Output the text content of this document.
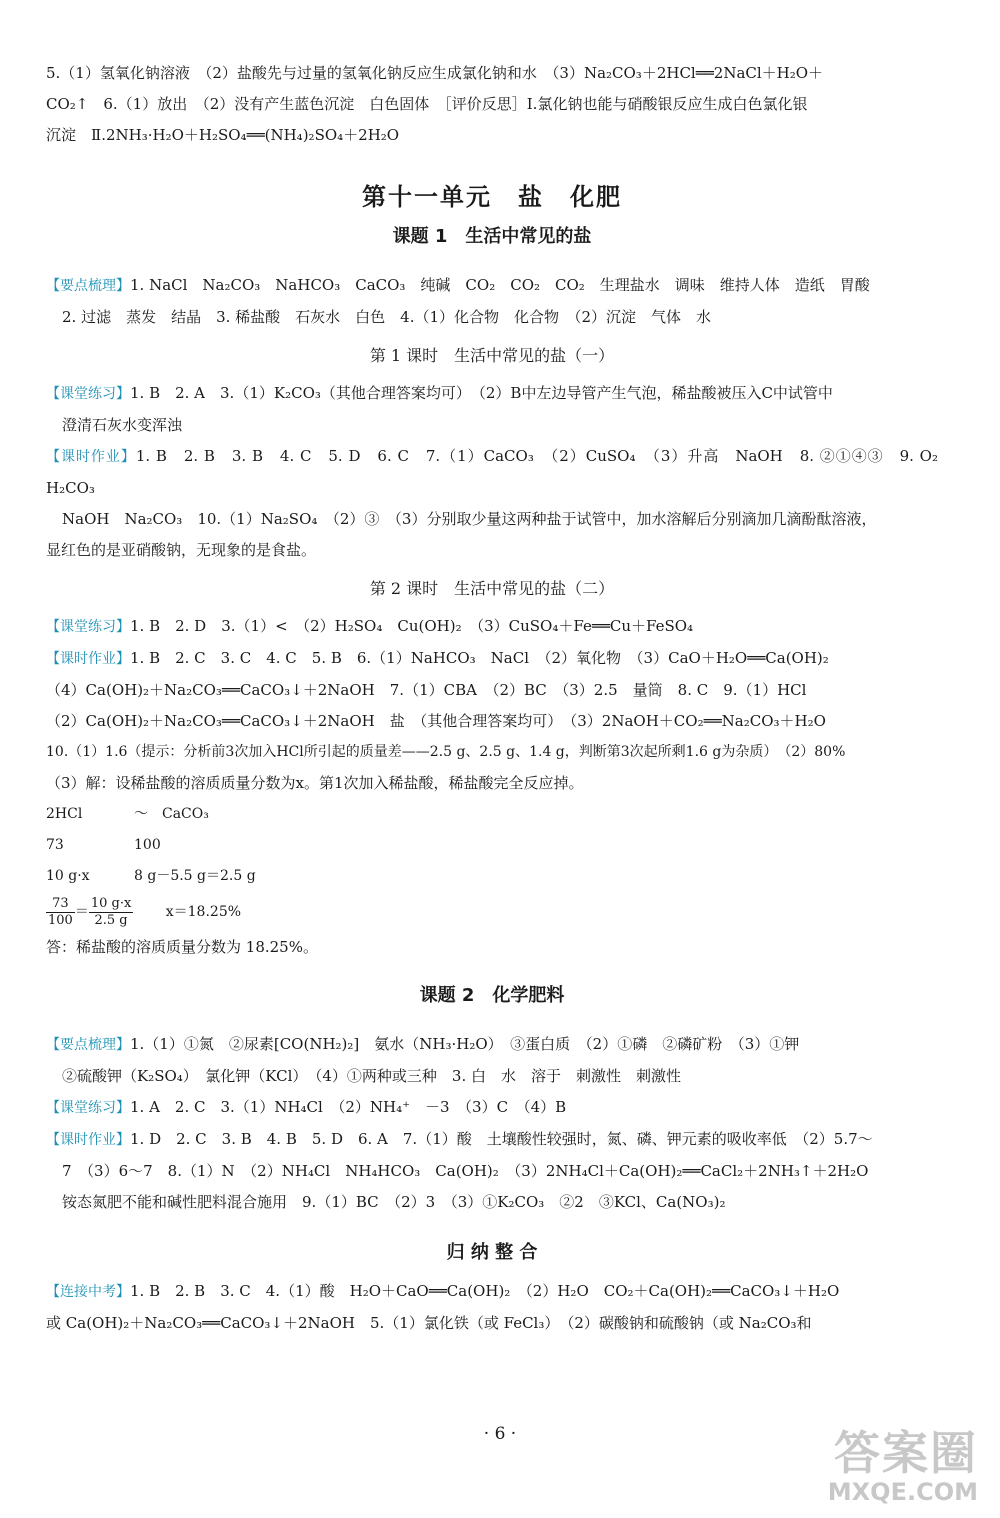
5.（1）氢氧化钠溶液　（2）盐酸先与过量的氢氧化钠反应生成氯化钠和水　（3）Na₂CO₃＋2HCl══2NaCl＋H₂O＋

CO₂↑　6.（1）放出　（2）没有产生蓝色沉淀　白色固体　［评价反思］Ⅰ.氯化钠也能与硝酸银反应生成白色氯化银

沉淀　Ⅱ.2NH₃·H₂O＋H₂SO₄══(NH₄)₂SO₄＋2H₂O

第十一单元　盐　化肥
课题 1　生活中常见的盐

【要点梳理】1. NaCl　Na₂CO₃　NaHCO₃　CaCO₃　纯碱　CO₂　CO₂　CO₂　生理盐水　调味　维持人体　造纸　胃酸

2. 过滤　蒸发　结晶　3. 稀盐酸　石灰水　白色　4.（1）化合物　化合物　（2）沉淀　气体　水

第 1 课时　生活中常见的盐（一）

【课堂练习】1. B　2. A　3.（1）K₂CO₃（其他合理答案均可）　（2）B中左边导管产生气泡，稀盐酸被压入C中试管中

澄清石灰水变浑浊

【课时作业】1. B　2. B　3. B　4. C　5. D　6. C　7.（1）CaCO₃　（2）CuSO₄　（3）升高　NaOH　8. ②①④③　9. O₂　H₂CO₃

NaOH　Na₂CO₃　10.（1）Na₂SO₄　（2）③　（3）分别取少量这两种盐于试管中，加水溶解后分别滴加几滴酚酞溶液，

显红色的是亚硝酸钠，无现象的是食盐。

第 2 课时　生活中常见的盐（二）

【课堂练习】1. B　2. D　3.（1）<　（2）H₂SO₄　Cu(OH)₂　（3）CuSO₄＋Fe══Cu＋FeSO₄

【课时作业】1. B　2. C　3. C　4. C　5. B　6.（1）NaHCO₃　NaCl　（2）氧化物　（3）CaO＋H₂O══Ca(OH)₂

（4）Ca(OH)₂＋Na₂CO₃══CaCO₃↓＋2NaOH　7.（1）CBA　（2）BC　（3）2.5　量筒　8. C　9.（1）HCl

（2）Ca(OH)₂＋Na₂CO₃══CaCO₃↓＋2NaOH　盐　（其他合理答案均可）　（3）2NaOH＋CO₂══Na₂CO₃＋H₂O

10.（1）1.6（提示：分析前3次加入HCl所引起的质量差——2.5 g、2.5 g、1.4 g，判断第3次起所剩1.6 g为杂质）　（2）80%

（3）解：设稀盐酸的溶质质量分数为x。第1次加入稀盐酸，稀盐酸完全反应掉。

2HCl	～　CaCO₃

73	100

10 g·x	8 g－5.5 g＝2.5 g

$\frac{73}{100} = \frac{10 g\cdot x}{2.5 g} x=18.25\%$

答：稀盐酸的溶质质量分数为 18.25%。

课题 2　化学肥料

【要点梳理】1.（1）①氮　②尿素[CO(NH₂)₂]　氨水（NH₃·H₂O）　③蛋白质　（2）①磷　②磷矿粉　（3）①钾

②硫酸钾（K₂SO₄）　氯化钾（KCl）　（4）①两种或三种　3. 白　水　溶于　刺激性　刺激性

【课堂练习】1. A　2. C　3.（1）NH₄Cl　（2）NH₄⁺　－3　（3）C　（4）B

【课时作业】1. D　2. C　3. B　4. B　5. D　6. A　7.（1）酸　土壤酸性较强时，氮、磷、钾元素的吸收率低　（2）5.7～

7　（3）6～7　8.（1）N　（2）NH₄Cl　NH₄HCO₃　Ca(OH)₂　（3）2NH₄Cl＋Ca(OH)₂══CaCl₂＋2NH₃↑＋2H₂O

铵态氮肥不能和碱性肥料混合施用　9.（1）BC　（2）3　（3）①K₂CO₃　②2　③KCl、Ca(NO₃)₂

归 纳 整 合

【连接中考】1. B　2. B　3. C　4.（1）酸　H₂O＋CaO══Ca(OH)₂　（2）H₂O　CO₂＋Ca(OH)₂══CaCO₃↓＋H₂O

或 Ca(OH)₂＋Na₂CO₃══CaCO₃↓＋2NaOH　5.（1）氯化铁（或 FeCl₃）　（2）碳酸钠和硫酸钠（或 Na₂CO₃和

· 6 ·	答案圈
MXQE.COM
